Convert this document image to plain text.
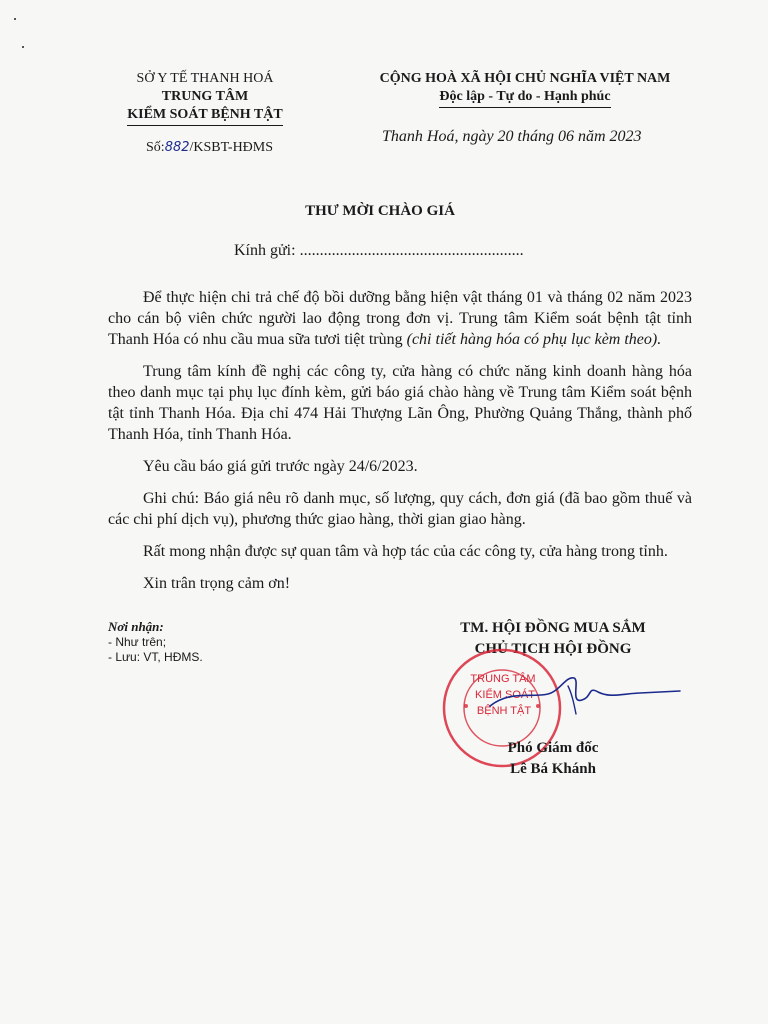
SỞ Y TẾ THANH HOÁ
TRUNG TÂM
KIỂM SOÁT BỆNH TẬT
Số:882/KSBT-HĐMS
CỘNG HOÀ XÃ HỘI CHỦ NGHĨA VIỆT NAM
Độc lập - Tự do - Hạnh phúc
Thanh Hoá, ngày 20 tháng 06 năm 2023
THƯ MỜI CHÀO GIÁ
Kính gửi: ........................................................

Để thực hiện chi trả chế độ bồi dưỡng bằng hiện vật tháng 01 và tháng 02 năm 2023 cho cán bộ viên chức người lao động trong đơn vị. Trung tâm Kiểm soát bệnh tật tỉnh Thanh Hóa có nhu cầu mua sữa tươi tiệt trùng (chi tiết hàng hóa có phụ lục kèm theo).

Trung tâm kính đề nghị các công ty, cửa hàng có chức năng kinh doanh hàng hóa theo danh mục tại phụ lục đính kèm, gửi báo giá chào hàng về Trung tâm Kiểm soát bệnh tật tỉnh Thanh Hóa. Địa chỉ 474 Hải Thượng Lãn Ông, Phường Quảng Thắng, thành phố Thanh Hóa, tỉnh Thanh Hóa.

Yêu cầu báo giá gửi trước ngày 24/6/2023.

Ghi chú: Báo giá nêu rõ danh mục, số lượng, quy cách, đơn giá (đã bao gồm thuế và các chi phí dịch vụ), phương thức giao hàng, thời gian giao hàng.

Rất mong nhận được sự quan tâm và hợp tác của các công ty, cửa hàng trong tỉnh.

Xin trân trọng cảm ơn!

Nơi nhận:
- Như trên;
- Lưu: VT, HĐMS.
TM. HỘI ĐỒNG MUA SẮM
CHỦ TỊCH HỘI ĐỒNG
TRUNG TÂM
KIỂM SOÁT
BỆNH TẬT
Phó Giám đốc
Lê Bá Khánh
